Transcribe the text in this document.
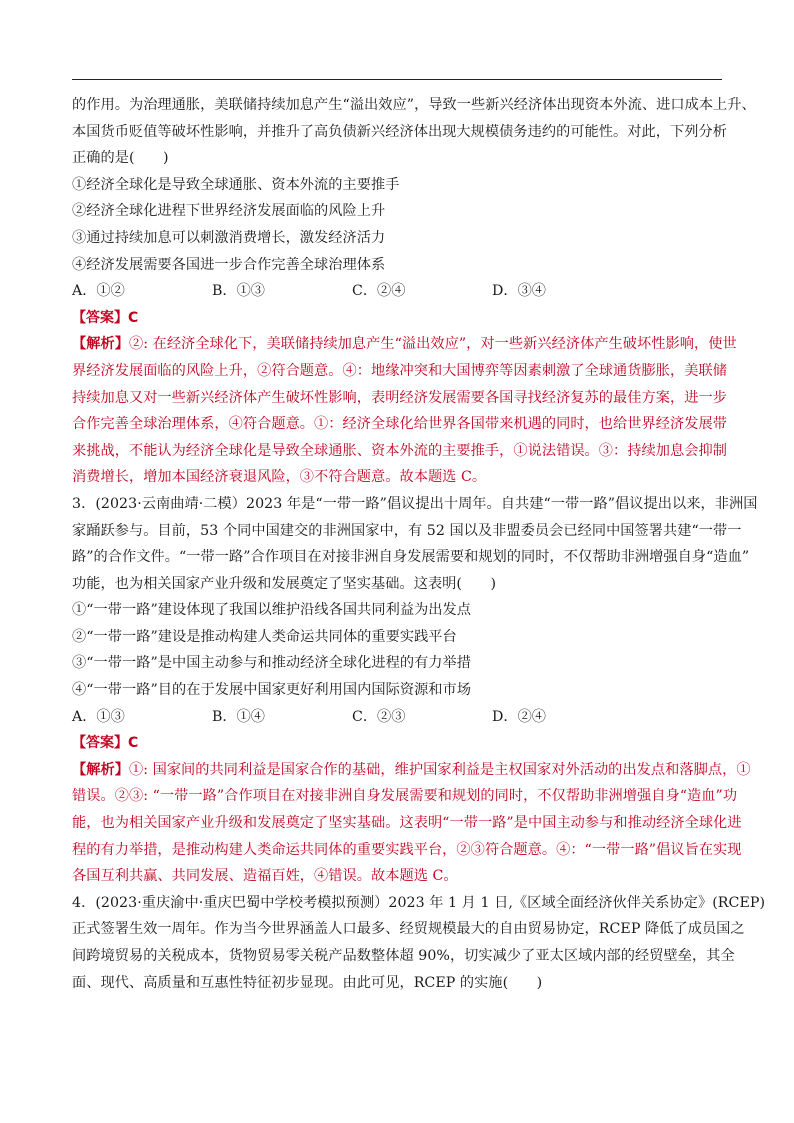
的作用。为治理通胀，美联储持续加息产生“溢出效应”，导致一些新兴经济体出现资本外流、进口成本上升、
本国货币贬值等破坏性影响，并推升了高负债新兴经济体出现大规模债务违约的可能性。对此，下列分析
正确的是(　　)
①经济全球化是导致全球通胀、资本外流的主要推手
②经济全球化进程下世界经济发展面临的风险上升
③通过持续加息可以刺激消费增长，激发经济活力
④经济发展需要各国进一步合作完善全球治理体系
A．①②	B．①③	C．②④	D．③④
【答案】C
【解析】②: 在经济全球化下，美联储持续加息产生“溢出效应”，对一些新兴经济体产生破坏性影响，使世
界经济发展面临的风险上升，②符合题意。④：地缘冲突和大国博弈等因素刺激了全球通货膨胀，美联储
持续加息又对一些新兴经济体产生破坏性影响，表明经济发展需要各国寻找经济复苏的最佳方案，进一步
合作完善全球治理体系，④符合题意。①：经济全球化给世界各国带来机遇的同时，也给世界经济发展带
来挑战，不能认为经济全球化是导致全球通胀、资本外流的主要推手，①说法错误。③：持续加息会抑制
消费增长，增加本国经济衰退风险，③不符合题意。故本题选 C。
3．(2023·云南曲靖·二模）2023 年是“一带一路”倡议提出十周年。自共建“一带一路”倡议提出以来，非洲国
家踊跃参与。目前，53 个同中国建交的非洲国家中，有 52 国以及非盟委员会已经同中国签署共建“一带一
路”的合作文件。“一带一路”合作项目在对接非洲自身发展需要和规划的同时，不仅帮助非洲增强自身“造血”
功能，也为相关国家产业升级和发展奠定了坚实基础。这表明(　　)
①“一带一路”建设体现了我国以维护沿线各国共同利益为出发点
②“一带一路”建设是推动构建人类命运共同体的重要实践平台
③“一带一路”是中国主动参与和推动经济全球化进程的有力举措
④“一带一路”目的在于发展中国家更好利用国内国际资源和市场
A．①③	B．①④	C．②③	D．②④
【答案】C
【解析】①: 国家间的共同利益是国家合作的基础，维护国家利益是主权国家对外活动的出发点和落脚点，①
错误。②③: “一带一路”合作项目在对接非洲自身发展需要和规划的同时，不仅帮助非洲增强自身“造血”功
能，也为相关国家产业升级和发展奠定了坚实基础。这表明“一带一路”是中国主动参与和推动经济全球化进
程的有力举措，是推动构建人类命运共同体的重要实践平台，②③符合题意。④：“一带一路”倡议旨在实现
各国互利共赢、共同发展、造福百姓，④错误。故本题选 C。
4．(2023·重庆渝中·重庆巴蜀中学校考模拟预测）2023 年 1 月 1 日,《区域全面经济伙伴关系协定》(RCEP)
正式签署生效一周年。作为当今世界涵盖人口最多、经贸规模最大的自由贸易协定，RCEP 降低了成员国之
间跨境贸易的关税成本，货物贸易零关税产品数整体超 90%，切实减少了亚太区域内部的经贸壁垒，其全
面、现代、高质量和互惠性特征初步显现。由此可见，RCEP 的实施(　　)
